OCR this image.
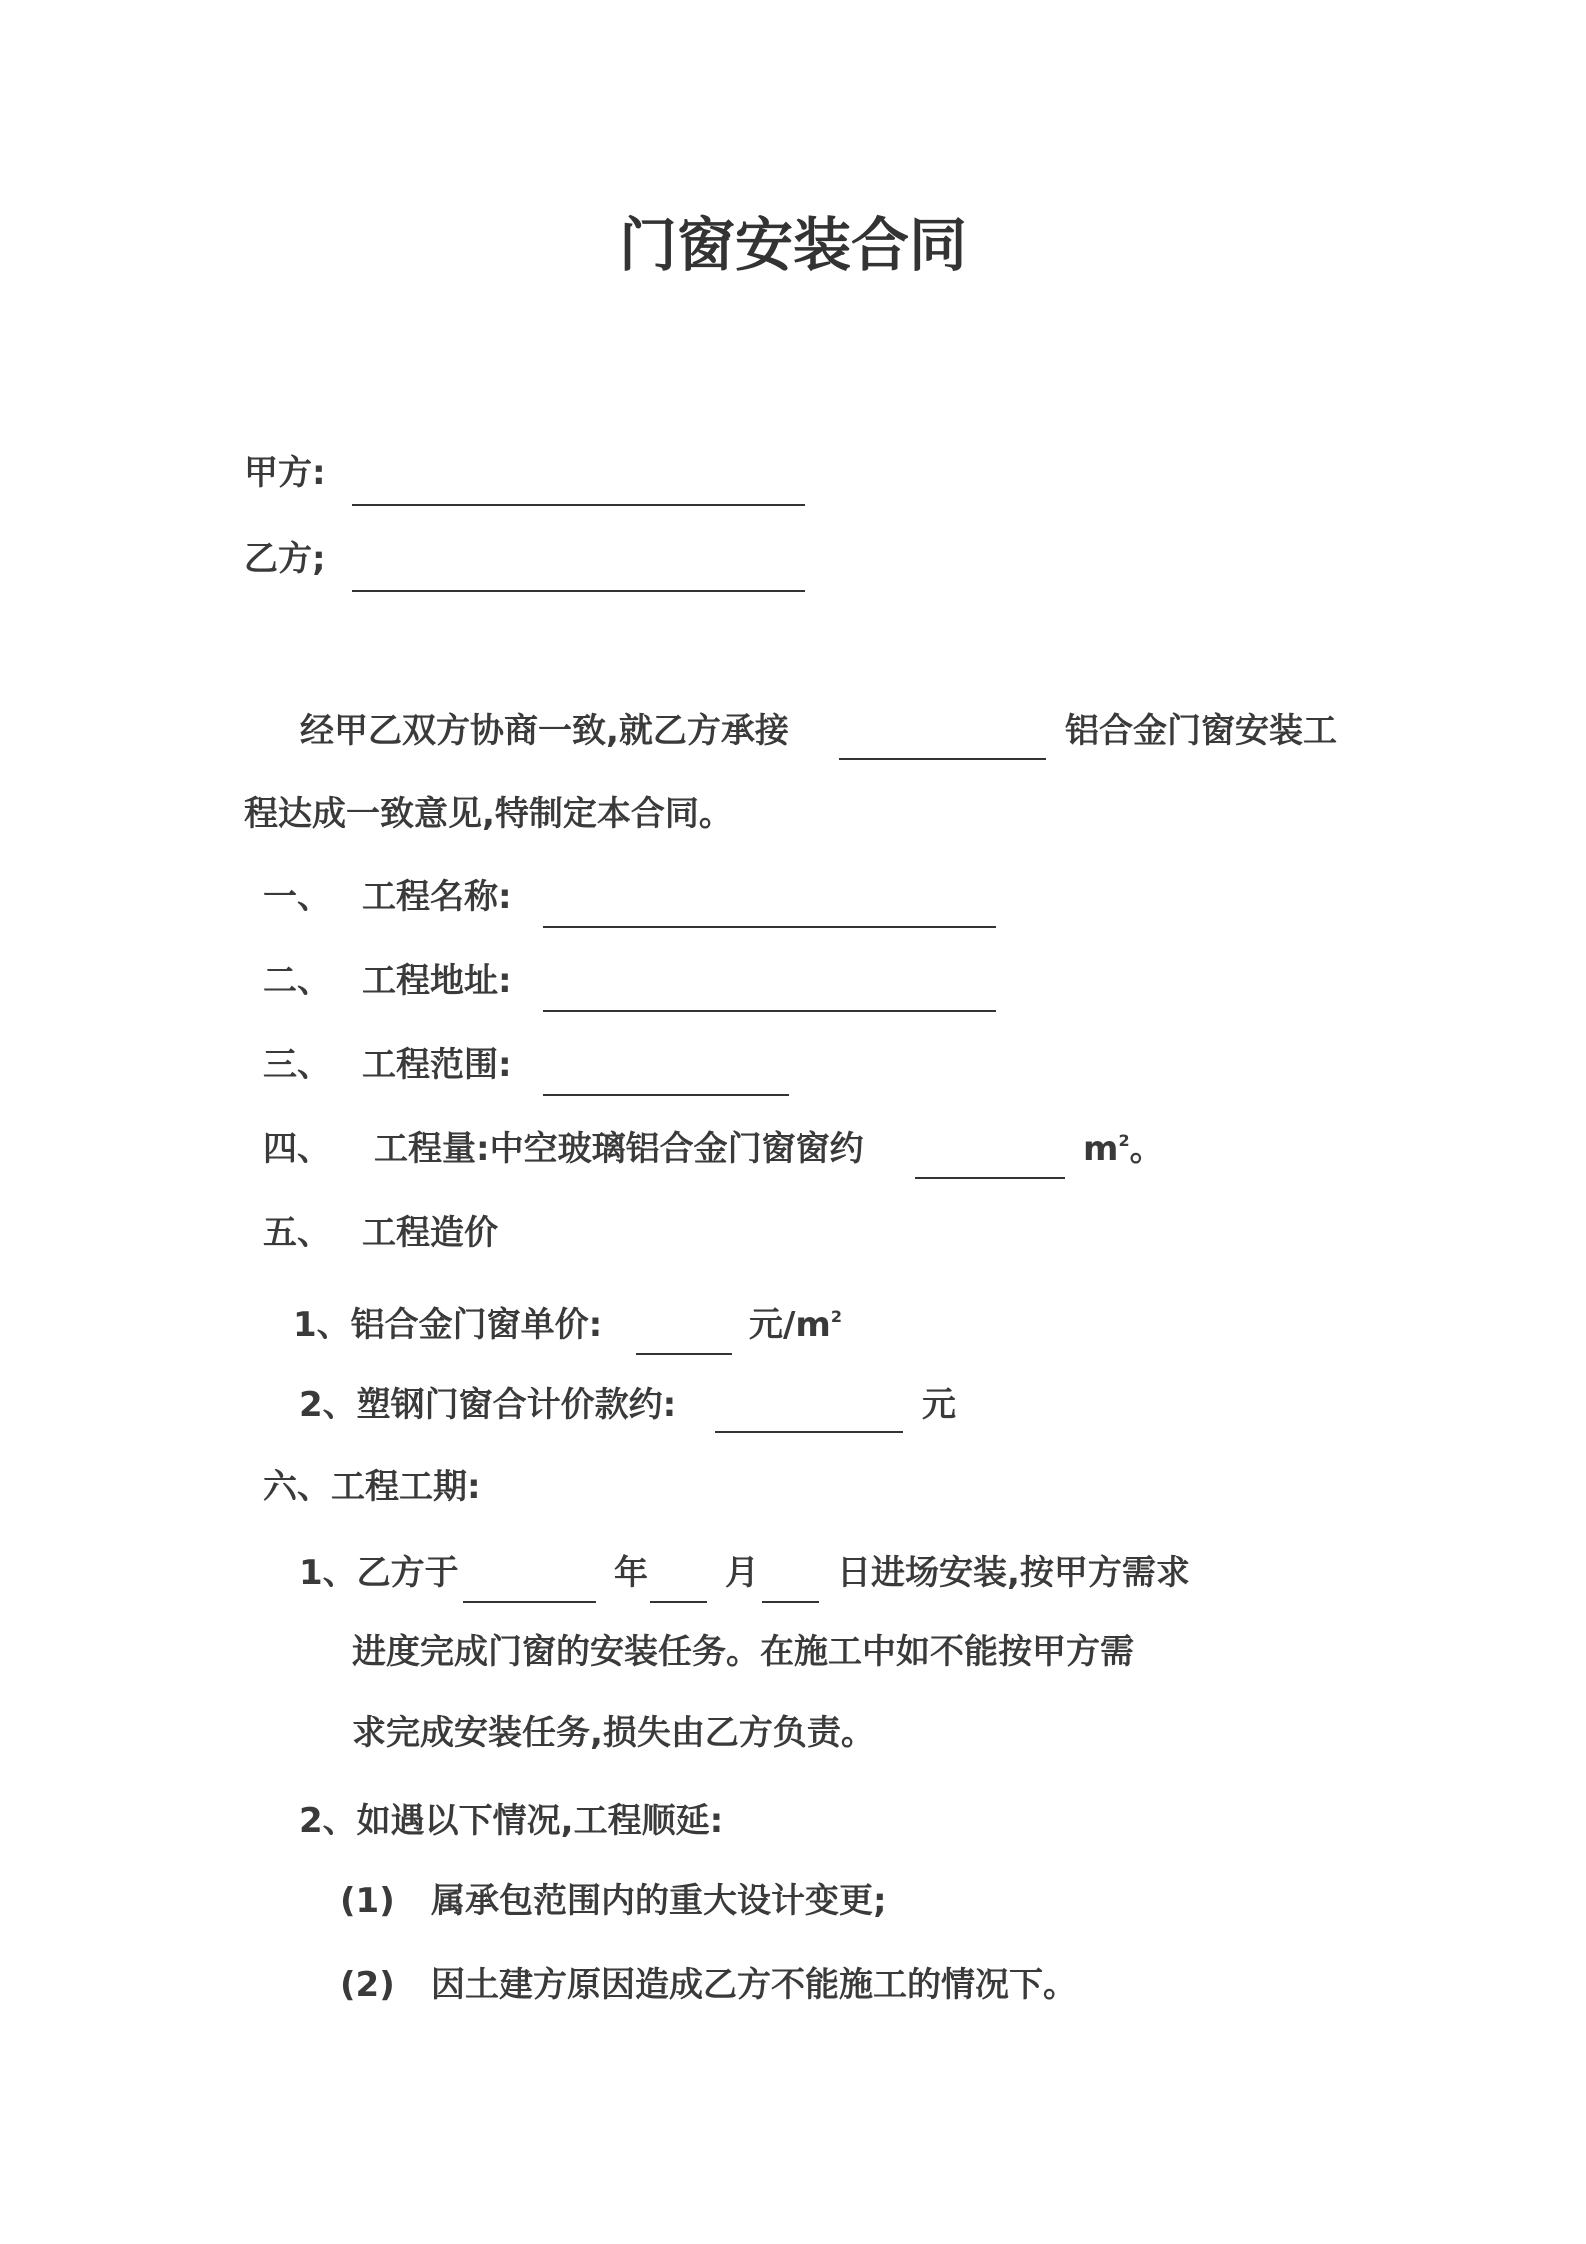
门窗安装合同

甲方:

乙方;

经甲乙双方协商一致,就乙方承接	铝合金门窗安装工

程达成一致意见,特制定本合同。

一、 工程名称:

二、 工程地址:

三、 工程范围:

四、 工程量:中空玻璃铝合金门窗窗约	$m^2$。

五、 工程造价

1、铝合金门窗单价:	元$/m^2$

2、塑钢门窗合计价款约:	元

六、工程工期:

1、乙方于	年 月 日进场安装,按甲方需求

进度完成门窗的安装任务。在施工中如不能按甲方需

求完成安装任务,损失由乙方负责。

2、如遇以下情况,工程顺延:

(1) 属承包范围内的重大设计变更;

(2) 因土建方原因造成乙方不能施工的情况下。
